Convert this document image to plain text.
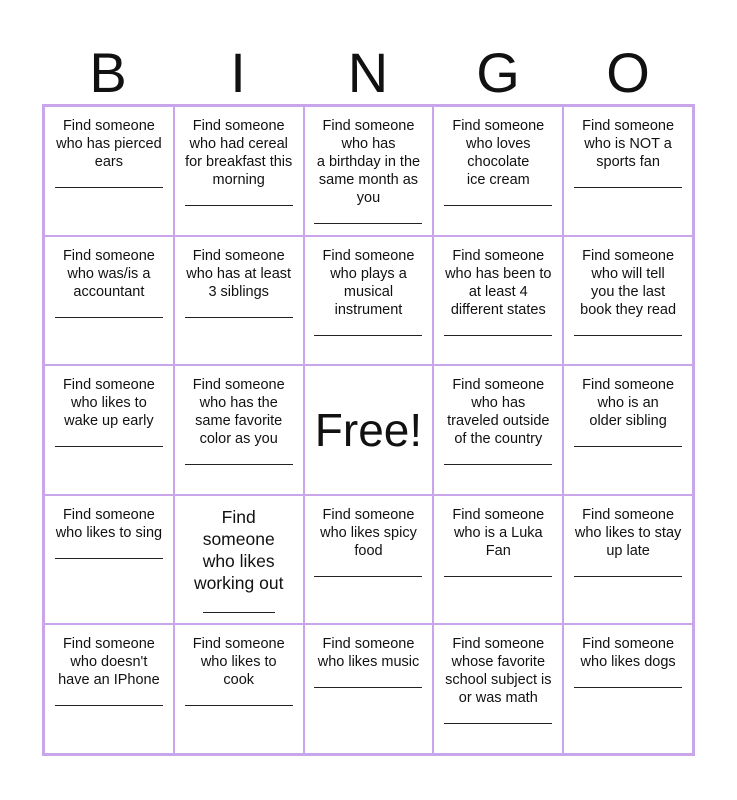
B	I	N	G	O
Find someone
who has pierced
ears
Find someone
who had cereal
for breakfast this
morning
Find someone
who has
a birthday in the
same month as
you
Find someone
who loves
chocolate
ice cream
Find someone
who is NOT a
sports fan
Find someone
who was/is a
accountant
Find someone
who has at least
3 siblings
Find someone
who plays a
musical
instrument
Find someone
who has been to
at least 4
different states
Find someone
who will tell
you the last
book they read
Find someone
who likes to
wake up early
Find someone
who has the
same favorite
color as you Free!
Find someone
who has
traveled outside
of the country
Find someone
who is an
older sibling
Find someone
who likes to sing
Find
someone
who likes
working out
Find someone
who likes spicy
food
Find someone
who is a Luka
Fan
Find someone
who likes to stay
up late
Find someone
who doesn't
have an IPhone
Find someone
who likes to
cook
Find someone
who likes music
Find someone
whose favorite
school subject is
or was math
Find someone
who likes dogs
